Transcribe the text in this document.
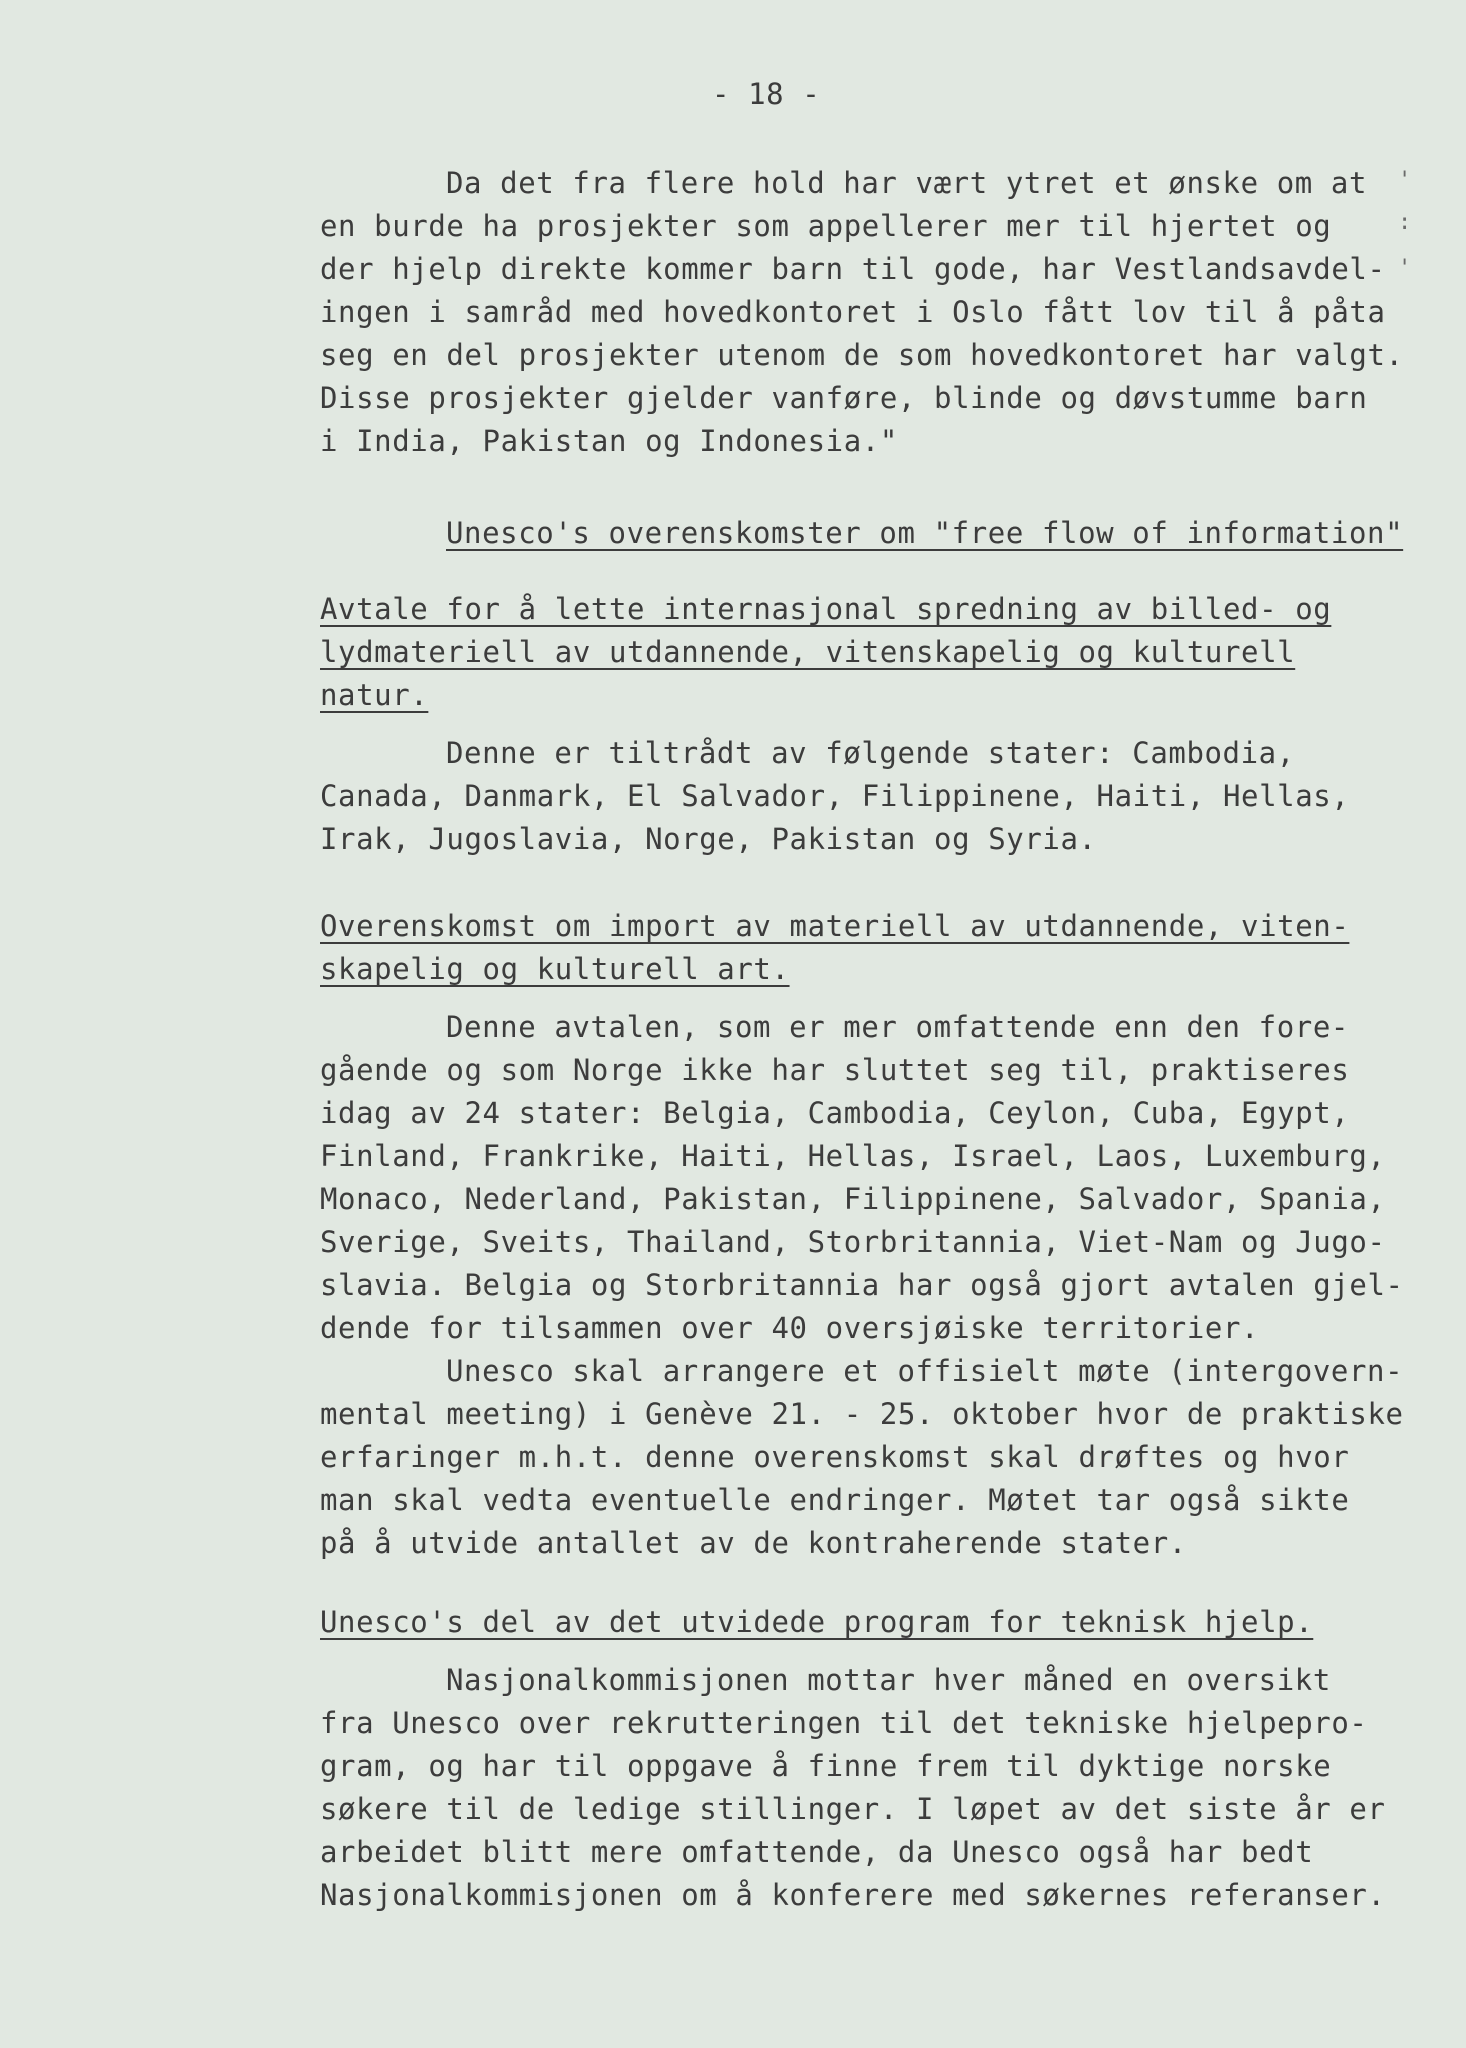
- 18 -
'
:
'
Da det fra flere hold har vært ytret et ønske om at
en burde ha prosjekter som appellerer mer til hjertet og
der hjelp direkte kommer barn til gode, har Vestlandsavdel-
ingen i samråd med hovedkontoret i Oslo fått lov til å påta
seg en del prosjekter utenom de som hovedkontoret har valgt.
Disse prosjekter gjelder vanføre, blinde og døvstumme barn
i India, Pakistan og Indonesia."
Unesco's overenskomster om "free flow of information"
Avtale for å lette internasjonal spredning av billed- og
lydmateriell av utdannende, vitenskapelig og kulturell
natur.
Denne er tiltrådt av følgende stater: Cambodia,
Canada, Danmark, El Salvador, Filippinene, Haiti, Hellas,
Irak, Jugoslavia, Norge, Pakistan og Syria.
Overenskomst om import av materiell av utdannende, viten-
skapelig og kulturell art.
Denne avtalen, som er mer omfattende enn den fore-
gående og som Norge ikke har sluttet seg til, praktiseres
idag av 24 stater: Belgia, Cambodia, Ceylon, Cuba, Egypt,
Finland, Frankrike, Haiti, Hellas, Israel, Laos, Luxemburg,
Monaco, Nederland, Pakistan, Filippinene, Salvador, Spania,
Sverige, Sveits, Thailand, Storbritannia, Viet-Nam og Jugo-
slavia. Belgia og Storbritannia har også gjort avtalen gjel-
dende for tilsammen over 40 oversjøiske territorier.
Unesco skal arrangere et offisielt møte (intergovern-
mental meeting) i Genève 21. - 25. oktober hvor de praktiske
erfaringer m.h.t. denne overenskomst skal drøftes og hvor
man skal vedta eventuelle endringer. Møtet tar også sikte
på å utvide antallet av de kontraherende stater.
Unesco's del av det utvidede program for teknisk hjelp.
Nasjonalkommisjonen mottar hver måned en oversikt
fra Unesco over rekrutteringen til det tekniske hjelpepro-
gram, og har til oppgave å finne frem til dyktige norske
søkere til de ledige stillinger. I løpet av det siste år er
arbeidet blitt mere omfattende, da Unesco også har bedt
Nasjonalkommisjonen om å konferere med søkernes referanser.
